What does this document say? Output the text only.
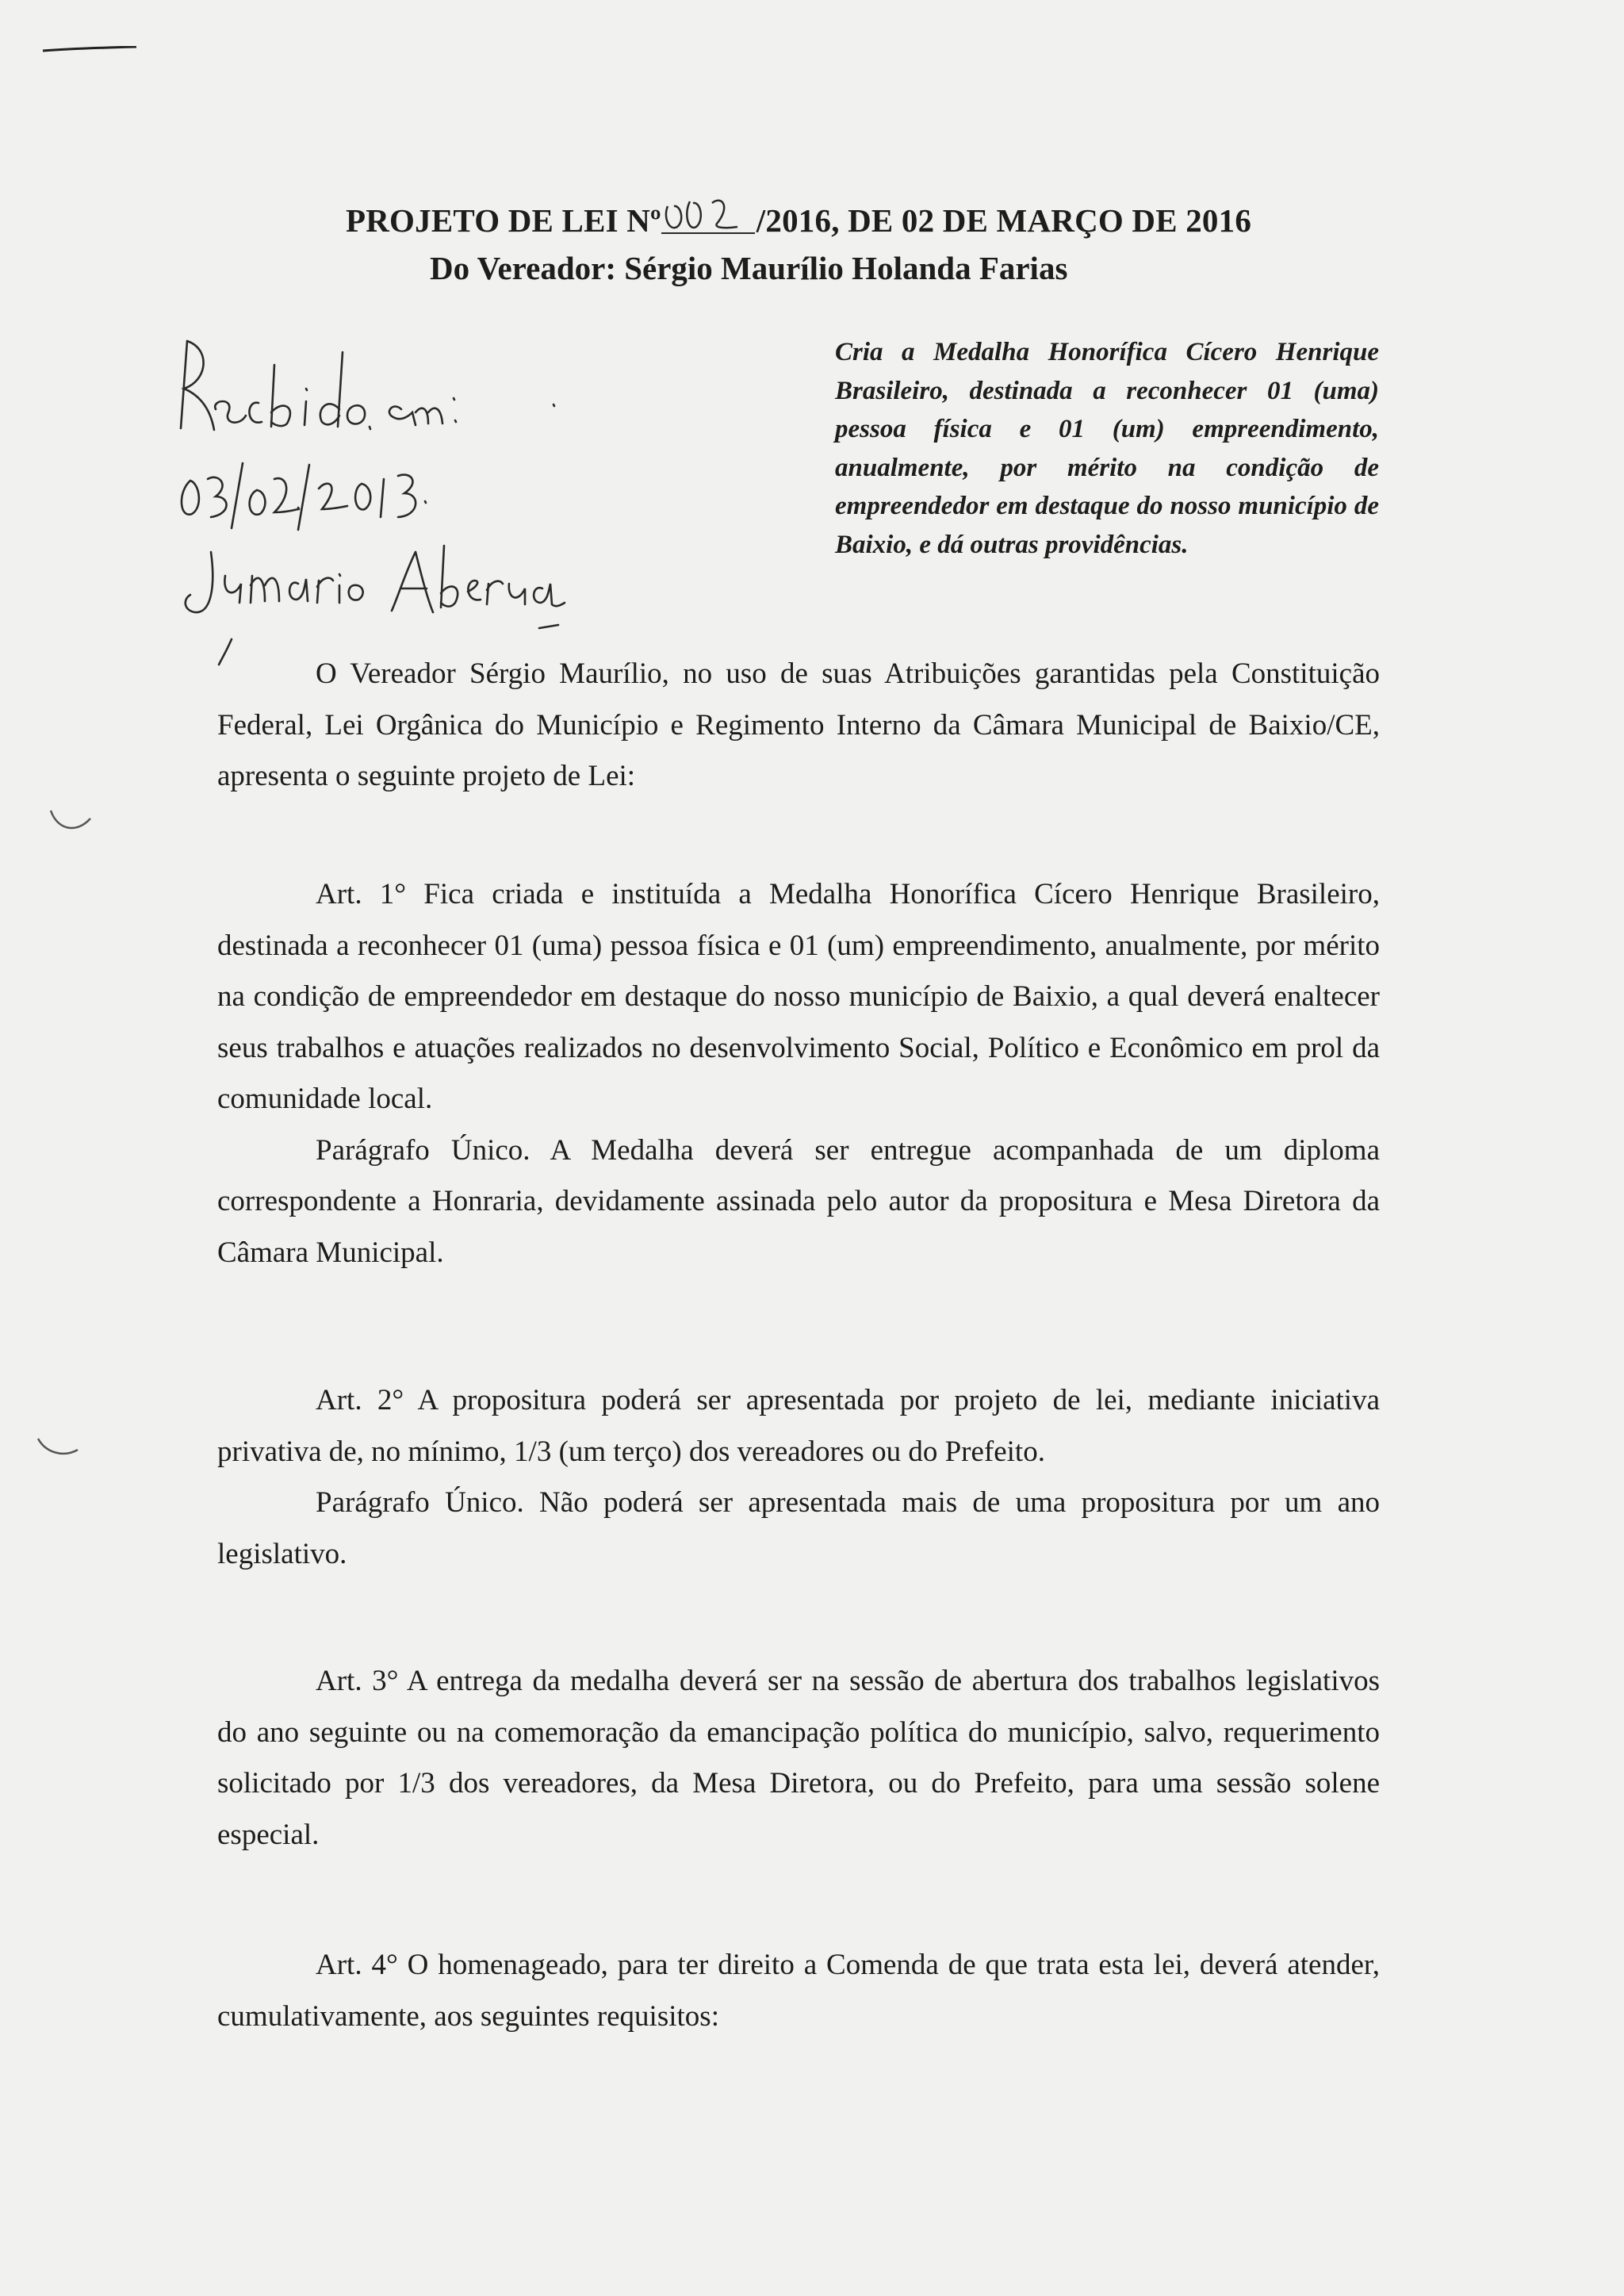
PROJETO DE LEI Nº	/2016, DE 02 DE MARÇO DE 2016
Do Vereador: Sérgio Maurílio Holanda Farias
Cria a Medalha Honorífica Cícero Henrique Brasileiro, destinada a reconhecer 01 (uma) pessoa física e 01 (um) empreendimento, anualmente, por mérito na condição de empreendedor em destaque do nosso município de Baixio, e dá outras providências.

O Vereador Sérgio Maurílio, no uso de suas Atribuições garantidas pela Constituição Federal, Lei Orgânica do Município e Regimento Interno da Câmara Municipal de Baixio/CE, apresenta o seguinte projeto de Lei:

Art. 1° Fica criada e instituída a Medalha Honorífica Cícero Henrique Brasileiro, destinada a reconhecer 01 (uma) pessoa física e 01 (um) empreendimento, anualmente, por mérito na condição de empreendedor em destaque do nosso município de Baixio, a qual deverá enaltecer seus trabalhos e atuações realizados no desenvolvimento Social, Político e Econômico em prol da comunidade local.

Parágrafo Único. A Medalha deverá ser entregue acompanhada de um diploma correspondente a Honraria, devidamente assinada pelo autor da propositura e Mesa Diretora da Câmara Municipal.

Art. 2° A propositura poderá ser apresentada por projeto de lei, mediante iniciativa privativa de, no mínimo, 1/3 (um terço) dos vereadores ou do Prefeito.

Parágrafo Único. Não poderá ser apresentada mais de uma propositura por um ano legislativo.

Art. 3° A entrega da medalha deverá ser na sessão de abertura dos trabalhos legislativos do ano seguinte ou na comemoração da emancipação política do município, salvo, requerimento solicitado por 1/3 dos vereadores, da Mesa Diretora, ou do Prefeito, para uma sessão solene especial.

Art. 4° O homenageado, para ter direito a Comenda de que trata esta lei, deverá atender, cumulativamente, aos seguintes requisitos:
